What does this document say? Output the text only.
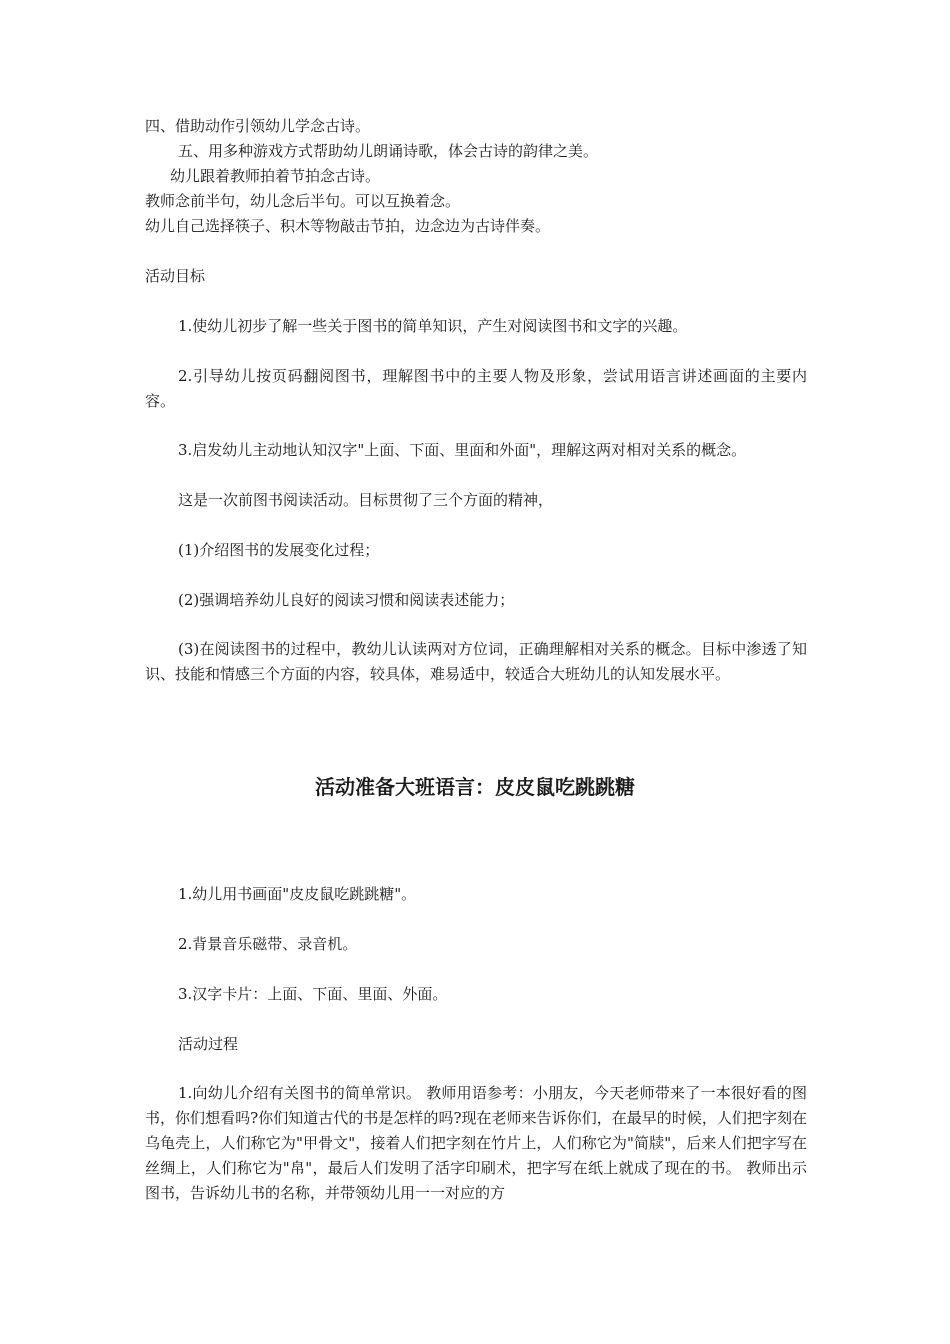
四、借助动作引领幼儿学念古诗。
五、用多种游戏方式帮助幼儿朗诵诗歌，体会古诗的韵律之美。
幼儿跟着教师拍着节拍念古诗。
教师念前半句，幼儿念后半句。可以互换着念。
幼儿自己选择筷子、积木等物敲击节拍，边念边为古诗伴奏。
活动目标
1.使幼儿初步了解一些关于图书的简单知识，产生对阅读图书和文字的兴趣。
2.引导幼儿按页码翻阅图书，理解图书中的主要人物及形象，尝试用语言讲述画面的主要内容。
3.启发幼儿主动地认知汉字"上面、下面、里面和外面"，理解这两对相对关系的概念。
这是一次前图书阅读活动。目标贯彻了三个方面的精神，
(1)介绍图书的发展变化过程；
(2)强调培养幼儿良好的阅读习惯和阅读表述能力；
(3)在阅读图书的过程中，教幼儿认读两对方位词，正确理解相对关系的概念。目标中渗透了知识、技能和情感三个方面的内容，较具体，难易适中，较适合大班幼儿的认知发展水平。
活动准备大班语言：皮皮鼠吃跳跳糖
1.幼儿用书画面"皮皮鼠吃跳跳糖"。
2.背景音乐磁带、录音机。
3.汉字卡片：上面、下面、里面、外面。
活动过程
1.向幼儿介绍有关图书的简单常识。 教师用语参考：小朋友，今天老师带来了一本很好看的图书，你们想看吗?你们知道古代的书是怎样的吗?现在老师来告诉你们，在最早的时候，人们把字刻在乌龟壳上，人们称它为"甲骨文"，接着人们把字刻在竹片上，人们称它为"简牍"，后来人们把字写在丝绸上，人们称它为"帛"，最后人们发明了活字印刷术，把字写在纸上就成了现在的书。 教师出示图书，告诉幼儿书的名称，并带领幼儿用一一对应的方
